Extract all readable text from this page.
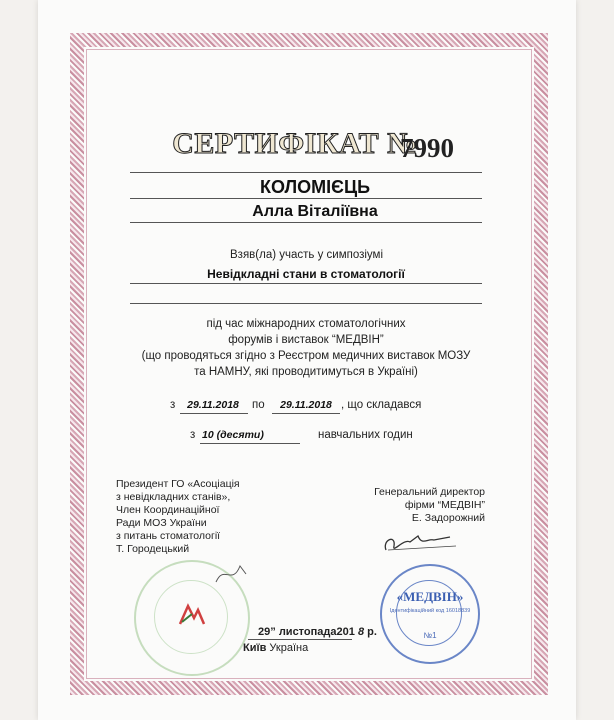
СЕРТИФІКАТ №
7990
КОЛОМІЄЦЬ
Алла Віталіївна
Взяв(ла) участь у симпозіумі
Невідкладні стани в стоматології
під час міжнародних стоматологічних
форумів і виставок “МЕДВІН”
(що проводяться згідно з Реєстром медичних виставок МОЗУ
та НАМНУ, які проводитимуться в Україні)
з	29.11.2018	по	29.11.2018 , що складався
з 10 (десяти)	навчальних годин
Президент ГО «Асоціація
з невідкладних станів»,
Член Координаційної
Ради МОЗ України
з питань стоматології
Т. Городецький
Генеральний директор
фірми “МЕДВІН”
Е. Задорожний
«МЕДВІН»
Ідентифікаційний код 16018839
№1
29” листопада201 8 р.
Київ Україна
